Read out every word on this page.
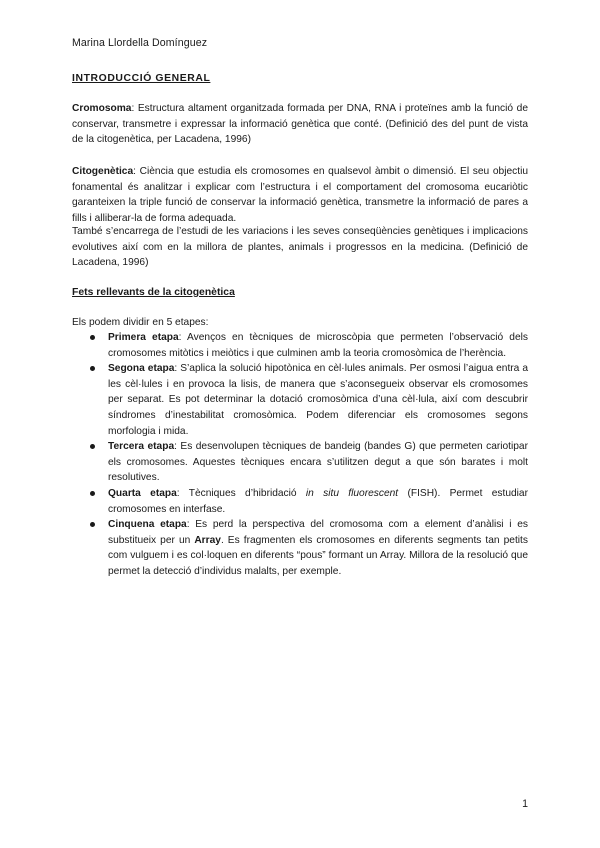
Marina Llordella Domínguez
INTRODUCCIÓ GENERAL

Cromosoma: Estructura altament organitzada formada per DNA, RNA i proteïnes amb la funció de conservar, transmetre i expressar la informació genètica que conté. (Definició des del punt de vista de la citogenètica, per Lacadena, 1996)

Citogenètica: Ciència que estudia els cromosomes en qualsevol àmbit o dimensió. El seu objectiu fonamental és analitzar i explicar com l’estructura i el comportament del cromosoma eucariòtic garanteixen la triple funció de conservar la informació genètica, transmetre la informació de pares a fills i alliberar-la de forma adequada.

També s’encarrega de l’estudi de les variacions i les seves conseqüències genètiques i implicacions evolutives així com en la millora de plantes, animals i progressos en la medicina. (Definició de Lacadena, 1996)

Fets rellevants de la citogenètica
Els podem dividir en 5 etapes:
Primera etapa: Avenços en tècniques de microscòpia que permeten l’observació dels cromosomes mitòtics i meiòtics i que culminen amb la teoria cromosòmica de l’herència.
Segona etapa: S’aplica la solució hipotònica en cèl·lules animals. Per osmosi l’aigua entra a les cèl·lules i en provoca la lisis, de manera que s’aconsegueix observar els cromosomes per separat. Es pot determinar la dotació cromosòmica d’una cèl·lula, així com descubrir síndromes d’inestabilitat cromosòmica. Podem diferenciar els cromosomes segons morfologia i mida.
Tercera etapa: Es desenvolupen tècniques de bandeig (bandes G) que permeten cariotipar els cromosomes. Aquestes tècniques encara s’utilitzen degut a que són barates i molt resolutives.
Quarta etapa: Tècniques d’hibridació in situ fluorescent (FISH). Permet estudiar cromosomes en interfase.
Cinquena etapa: Es perd la perspectiva del cromosoma com a element d’anàlisi i es substitueix per un Array. Es fragmenten els cromosomes en diferents segments tan petits com vulguem i es col·loquen en diferents “pous” formant un Array. Millora de la resolució que permet la detecció d’individus malalts, per exemple.
1
